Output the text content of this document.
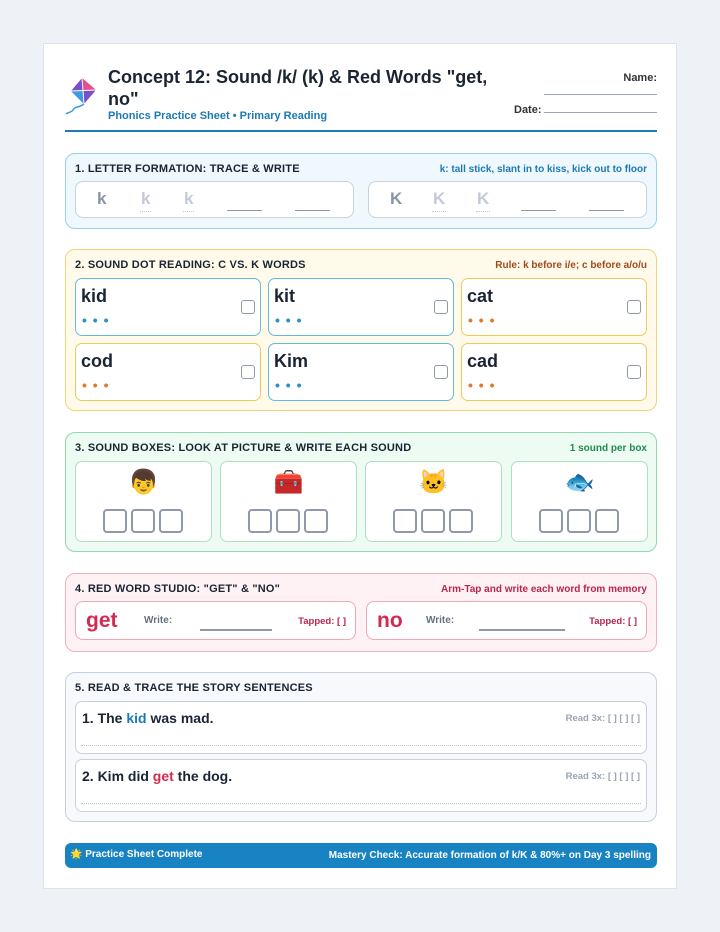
Concept 12: Sound /k/ (k) & Red Words "get, no"
Phonics Practice Sheet • Primary Reading
Name:
Date:
1. LETTER FORMATION: TRACE & WRITE	k: tall stick, slant in to kiss, kick out to floor
k k k	K K K
2. SOUND DOT READING: C VS. K WORDS	Rule: k before i/e; c before a/o/u
kid
• • •
kit
• • •
cat
• • •
cod
• • •
Kim
• • •
cad
• • •
3. SOUND BOXES: LOOK AT PICTURE & WRITE EACH SOUND	1 sound per box
👦	🧰	🐱	🐟
4. RED WORD STUDIO: "GET" & "NO"	Arm-Tap and write each word from memory
get	Write:	Tapped: [ ] no Write:	Tapped: [ ]
5. READ & TRACE THE STORY SENTENCES
1. The kid was mad.	Read 3x: [ ] [ ] [ ]
2. Kim did get the dog.	Read 3x: [ ] [ ] [ ]
🌟 Practice Sheet Complete	Mastery Check: Accurate formation of k/K & 80%+ on Day 3 spelling
